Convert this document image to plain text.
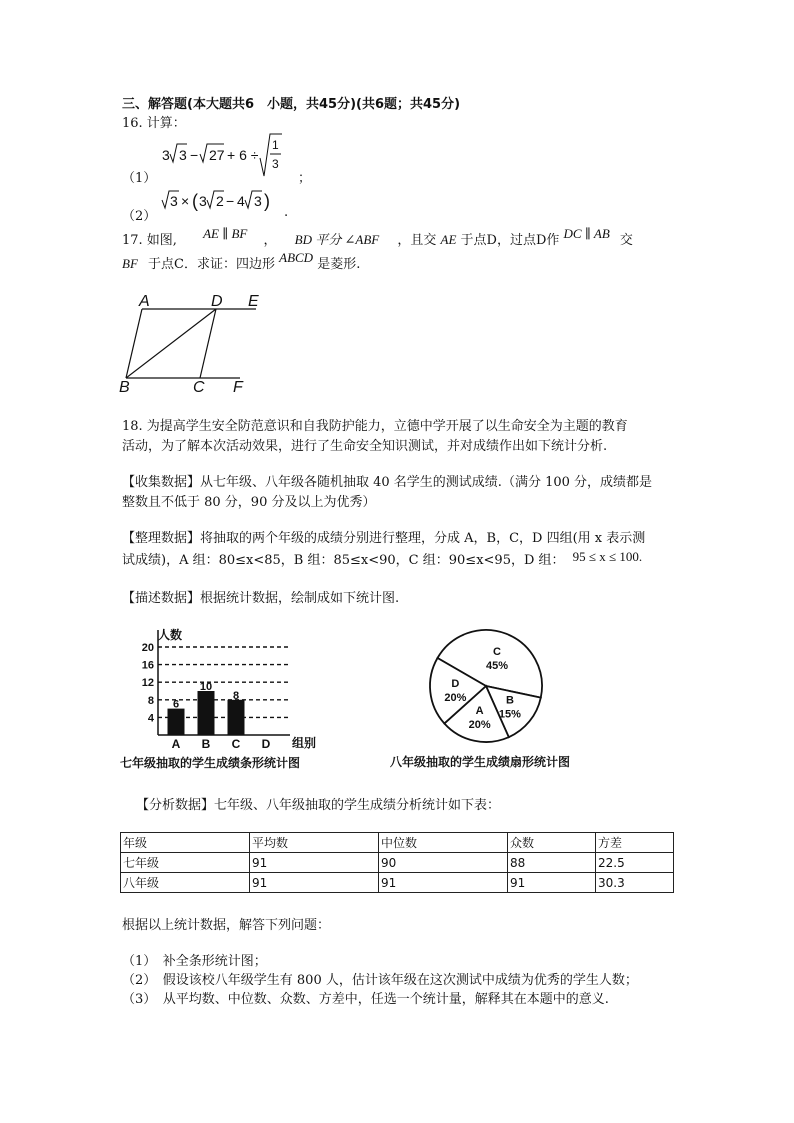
三、解答题(本大题共6　小题，共45分)(共6题；共45分)
16. 计算：
（1）
3 3 − 27 + 6 ÷
1
3
；
（2）
3 × ( 3 2 − 4 3 )
.
17. 如图, AE ∥ BF ， BD 平分 ∠ABF ，且交 AE 于点D，过点D作 DC ∥ AB 交
BF 于点C．求证：四边形 ABCD 是菱形.
A	D E
B	C F
18. 为提高学生安全防范意识和自我防护能力，立德中学开展了以生命安全为主题的教育
活动，为了解本次活动效果，进行了生命安全知识测试，并对成绩作出如下统计分析.
【收集数据】从七年级、八年级各随机抽取 40 名学生的测试成绩.（满分 100 分，成绩都是
整数且不低于 80 分，90 分及以上为优秀）
【整理数据】将抽取的两个年级的成绩分别进行整理，分成 A，B，C，D 四组(用 x 表示测
试成绩)，A 组：80≤x<85，B 组：85≤x<90，C 组：90≤x<95，D 组： 95 ≤ x ≤ 100.
【描述数据】根据统计数据，绘制成如下统计图.
4
8
12
16
20
6
10
8
A B C D
人数
组别
七年级抽取的学生成绩条形统计图
C
45%
B
15%
A
20%
D
20%
八年级抽取的学生成绩扇形统计图
【分析数据】七年级、八年级抽取的学生成绩分析统计如下表：
年级	平均数	中位数	众数	方差
七年级	91	90	88	22.5
八年级	91	91	91	30.3
根据以上统计数据，解答下列问题：
（1）　补全条形统计图；
（2）　假设该校八年级学生有 800 人，估计该年级在这次测试中成绩为优秀的学生人数；
（3）　从平均数、中位数、众数、方差中，任选一个统计量，解释其在本题中的意义.
